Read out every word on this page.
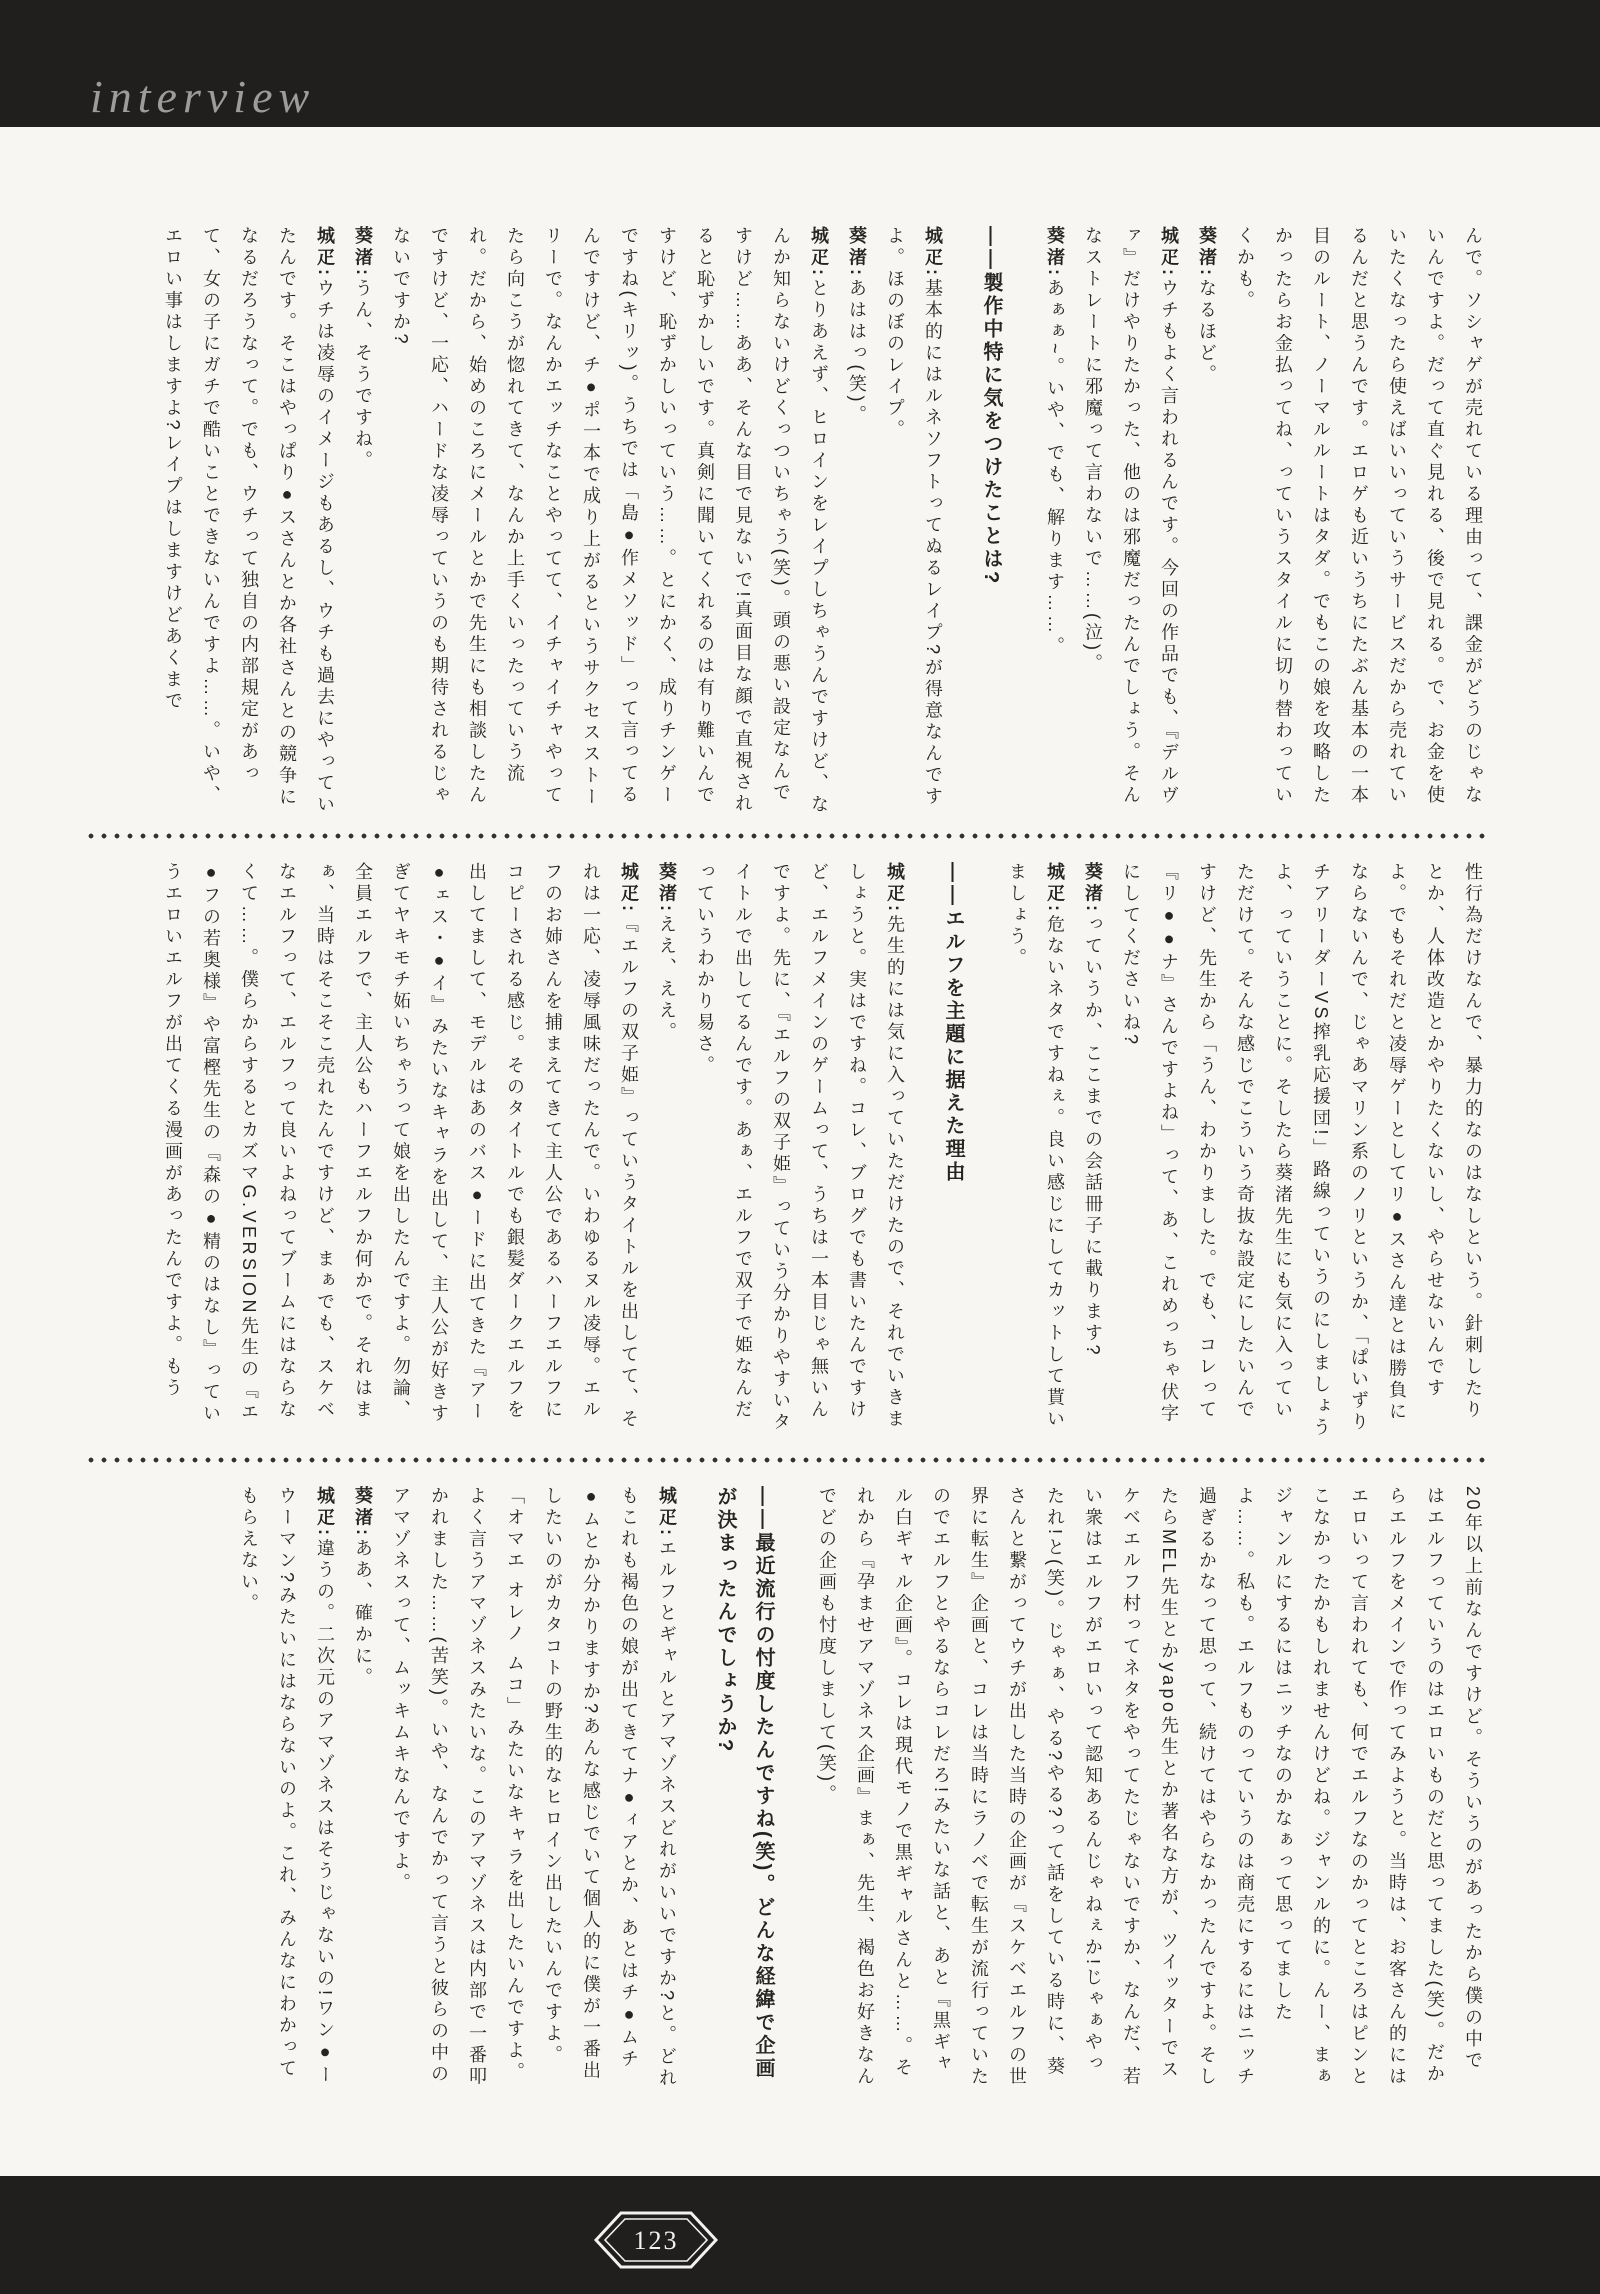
interview

んで。ソシャゲが売れている理由って、課金がどうのじゃないんですよ。だって直ぐ見れる、後で見れる。で、お金を使いたくなったら使えばいいっていうサービスだから売れているんだと思うんです。エロゲも近いうちにたぶん基本の一本目のルート、ノーマルルートはタダ。でもこの娘を攻略したかったらお金払ってね、っていうスタイルに切り替わっていくかも。

葵渚:なるほど。

城疋:ウチもよく言われるんです。今回の作品でも、『デルヴァ』だけやりたかった、他のは邪魔だったんでしょう。そんなストレートに邪魔って言わないで……(泣)。

葵渚:あぁぁ~。いや、でも、解ります……。

——製作中特に気をつけたことは?

城疋:基本的にはルネソフトってぬるレイプ?が得意なんですよ。ほのぼのレイプ。

葵渚:あははっ(笑)。

城疋:とりあえず、ヒロインをレイプしちゃうんですけど、なんか知らないけどくっついちゃう(笑)。頭の悪い設定なんですけど……ああ、そんな目で見ないで!真面目な顔で直視されると恥ずかしいです。真剣に聞いてくれるのは有り難いんですけど、恥ずかしいっていう……。とにかく、成りチンゲーですね(キリッ)。うちでは「島●作メソッド」って言ってるんですけど、チ●ポ一本で成り上がるというサクセスストーリーで。なんかエッチなことやってて、イチャイチャやってたら向こうが惚れてきて、なんか上手くいったっていう流れ。だから、始めのころにメールとかで先生にも相談したんですけど、一応、ハードな凌辱っていうのも期待されるじゃないですか?

葵渚:うん、そうですね。

城疋:ウチは凌辱のイメージもあるし、ウチも過去にやっていたんです。そこはやっぱり●スさんとか各社さんとの競争になるだろうなって。でも、ウチって独自の内部規定があって、女の子にガチで酷いことできないんですよ……。いや、エロい事はしますよ?レイプはしますけどあくまで

性行為だけなんで、暴力的なのはなしという。針刺したりとか、人体改造とかやりたくないし、やらせないんですよ。でもそれだと凌辱ゲーとしてリ●スさん達とは勝負にならないんで、じゃあマリン系のノリというか、「ぱいずりチアリーダーVS搾乳応援団!」路線っていうのにしましょうよ、っていうことに。そしたら葵渚先生にも気に入っていただけて。そんな感じでこういう奇抜な設定にしたいんですけど、先生から「うん、わかりました。でも、コレって『リ●●ナ』さんですよね」って、あ、これめっちゃ伏字にしてくださいね?

葵渚:っていうか、ここまでの会話冊子に載ります?

城疋:危ないネタですねぇ。良い感じにしてカットして貰いましょう。

——エルフを主題に据えた理由

城疋:先生的には気に入っていただけたので、それでいきましょうと。実はですね。コレ、ブログでも書いたんですけど、エルフメインのゲームって、うちは一本目じゃ無いんですよ。先に、『エルフの双子姫』っていう分かりやすいタイトルで出してるんです。あぁ、エルフで双子で姫なんだっていうわかり易さ。

葵渚:ええ、ええ。

城疋:『エルフの双子姫』っていうタイトルを出してて、それは一応、凌辱風味だったんで。いわゆるヌル凌辱。エルフのお姉さんを捕まえてきて主人公であるハーフエルフにコピーされる感じ。そのタイトルでも銀髪ダークエルフを出してまして、モデルはあのバス●ードに出てきた『アー●ェス・●イ』みたいなキャラを出して、主人公が好きすぎてヤキモチ妬いちゃうって娘を出したんですよ。勿論、全員エルフで、主人公もハーフエルフか何かで。それはまぁ、当時はそこそこ売れたんですけど、まぁでも、スケベなエルフって、エルフって良いよねってブームにはならなくて……。僕らからするとカズマG.VERSION先生の『エ●フの若奥様』や富樫先生の『森の●精のはなし』っていうエロいエルフが出てくる漫画があったんですよ。もう

20年以上前なんですけど。そういうのがあったから僕の中ではエルフっていうのはエロいものだと思ってました(笑)。だからエルフをメインで作ってみようと。当時は、お客さん的にはエロいって言われても、何でエルフなのかってところはピンとこなかったかもしれませんけどね。ジャンル的に。んー、まぁジャンルにするにはニッチなのかなぁって思ってましたよ……。私も。エルフものっていうのは商売にするにはニッチ過ぎるかなって思って、続けてはやらなかったんですよ。そしたらMEL先生とかyapo先生とか著名な方が、ツイッターでスケベエルフ村ってネタをやってたじゃないですか、なんだ、若い衆はエルフがエロいって認知あるんじゃねぇか!じゃぁやったれ!と(笑)。じゃぁ、やる?やる?って話をしている時に、葵さんと繋がってウチが出した当時の企画が『スケベエルフの世界に転生』企画と、コレは当時にラノベで転生が流行っていたのでエルフとやるならコレだろ!みたいな話と、あと『黒ギャル白ギャル企画』。コレは現代モノで黒ギャルさんと……。それから『孕ませアマゾネス企画』まぁ、先生、褐色お好きなんでどの企画も忖度しまして(笑)。

——最近流行の忖度したんですね(笑)。どんな経緯で企画が決まったんでしょうか?

城疋:エルフとギャルとアマゾネスどれがいいですか?と。どれもこれも褐色の娘が出てきてナ●ィアとか、あとはチ●ムチ●ムとか分かりますか?あんな感じでいて個人的に僕が一番出したいのがカタコトの野生的なヒロイン出したいんですよ。「オマエ オレノ ムコ」みたいなキャラを出したいんですよ。よく言うアマゾネスみたいな。このアマゾネスは内部で一番叩かれました……(苦笑)。いや、なんでかって言うと彼らの中のアマゾネスって、ムッキムキなんですよ。

葵渚:ああ、確かに。

城疋:違うの。二次元のアマゾネスはそうじゃないの!ワン●ーウーマン?みたいにはならないのよ。これ、みんなにわかってもらえない。

123
